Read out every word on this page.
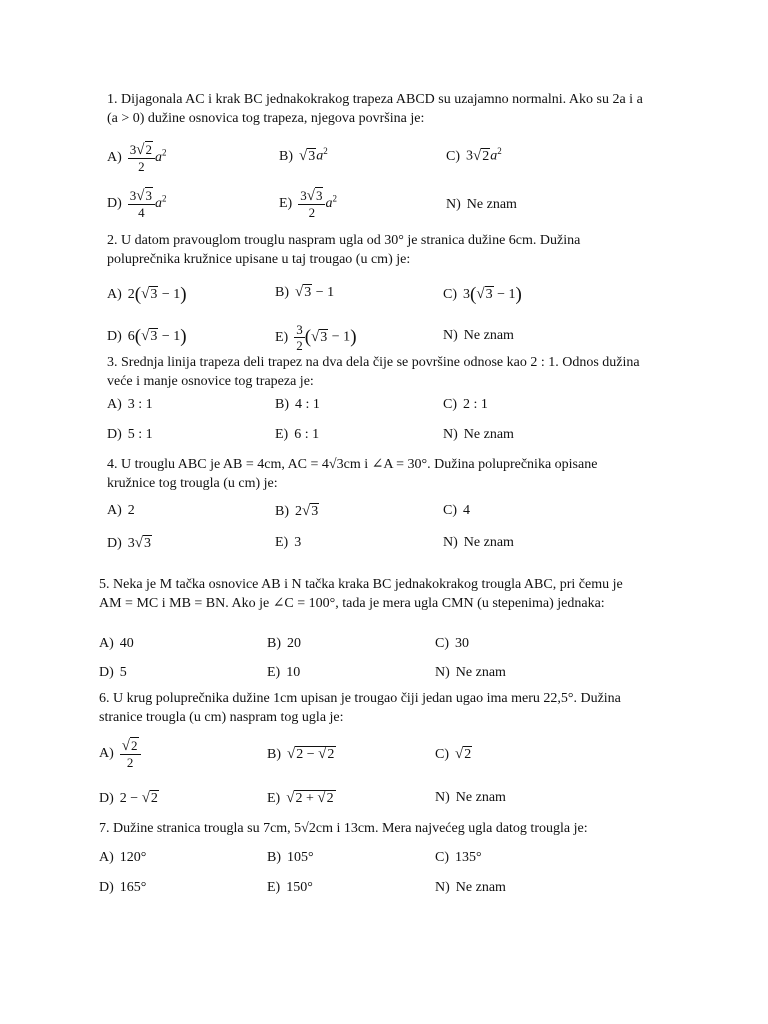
1. Dijagonala AC i krak BC jednakokrakog trapeza ABCD su uzajamno normalni. Ako su 2a i a (a > 0) dužine osnovica tog trapeza, njegova površina je:
$A) \frac{3√2}{2} a^2$	B) $√3a^2$	C) $3√2a^2$
$D) \frac{3√3}{4} a^2$	$E) \frac{3√3}{2} a^2$	N) Ne znam
2. U datom pravouglom trouglu naspram ugla od 30° je stranica dužine 6cm. Dužina poluprečnika kružnice upisane u taj trougao (u cm) je:
A) 2(√3 − 1)	B) √3 − 1	C) 3(√3 − 1)
D) 6(√3 − 1)	$E) \frac{3}{2} (√3 - 1)$	N) Ne znam
3. Srednja linija trapeza deli trapez na dva dela čije se površine odnose kao 2 : 1. Odnos dužina veće i manje osnovice tog trapeza je:
A) 3 : 1	B) 4 : 1	C) 2 : 1
D) 5 : 1	E) 6 : 1	N) Ne znam
4. U trouglu ABC je AB = 4cm, AC = 4√3cm i ∠A = 30°. Dužina poluprečnika opisane kružnice tog trougla (u cm) je:
A) 2	B) 2√3	C) 4
D) 3√3	E) 3	N) Ne znam
5. Neka je M tačka osnovice AB i N tačka kraka BC jednakokrakog trougla ABC, pri čemu je AM = MC i MB = BN. Ako je ∠C = 100°, tada je mera ugla CMN (u stepenima) jednaka:
A) 40	B) 20	C) 30
D) 5	E) 10	N) Ne znam
6. U krug poluprečnika dužine 1cm upisan je trougao čiji jedan ugao ima meru 22,5°. Dužina stranice trougla (u cm) naspram tog ugla je:
$A) \frac{√2}{2}$	B) √2 − √2	C) √2
D) 2 − √2	E) √2 + √2	N) Ne znam
7. Dužine stranica trougla su 7cm, 5√2cm i 13cm. Mera najvećeg ugla datog trougla je:
A) 120°	B) 105°	C) 135°
D) 165°	E) 150°	N) Ne znam
